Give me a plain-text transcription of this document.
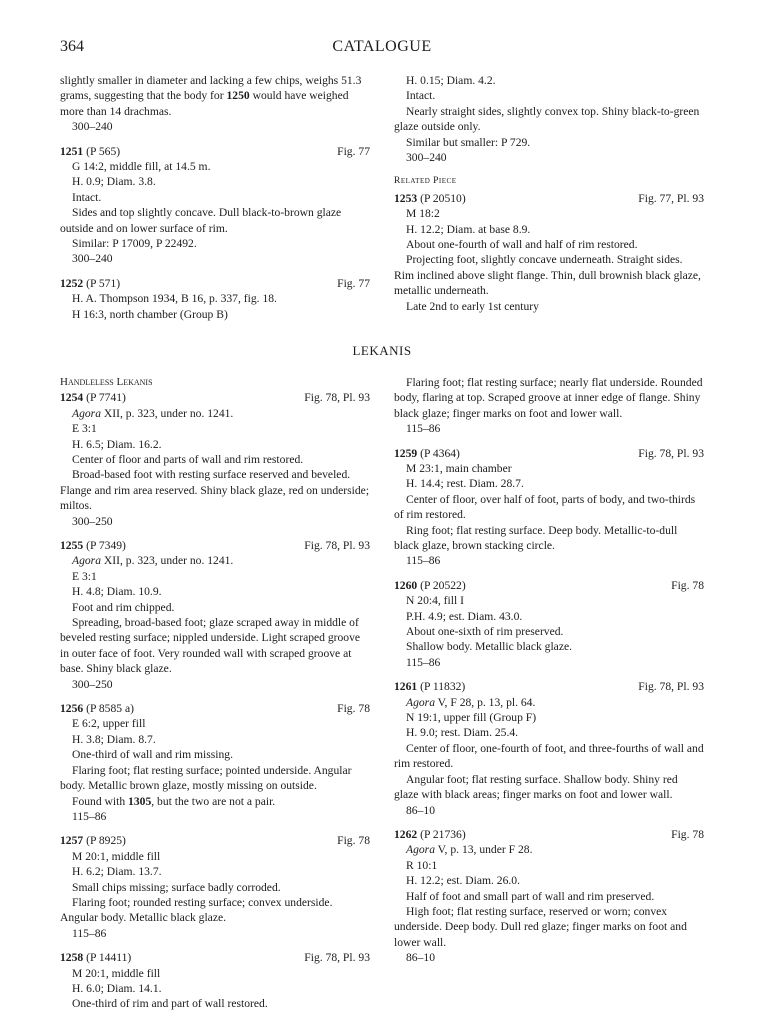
364	CATALOGUE
slightly smaller in diameter and lacking a few chips, weighs 51.3 grams, suggesting that the body for 1250 would have weighed more than 14 drachmas.
300–240
1251 (P 565)	Fig. 77
G 14:2, middle fill, at 14.5 m.
H. 0.9; Diam. 3.8.
Intact.
Sides and top slightly concave. Dull black-to-brown glaze outside and on lower surface of rim.
Similar: P 17009, P 22492.
300–240
1252 (P 571)	Fig. 77
H. A. Thompson 1934, B 16, p. 337, fig. 18.
H 16:3, north chamber (Group B)
H. 0.15; Diam. 4.2.
Intact.
Nearly straight sides, slightly convex top. Shiny black-to-green glaze outside only.
Similar but smaller: P 729.
300–240
Related Piece
1253 (P 20510)	Fig. 77, Pl. 93
M 18:2
H. 12.2; Diam. at base 8.9.
About one-fourth of wall and half of rim restored.
Projecting foot, slightly concave underneath. Straight sides. Rim inclined above slight flange. Thin, dull brownish black glaze, metallic underneath.
Late 2nd to early 1st century
LEKANIS
Handleless Lekanis
1254 (P 7741)	Fig. 78, Pl. 93
Agora XII, p. 323, under no. 1241.
E 3:1
H. 6.5; Diam. 16.2.
Center of floor and parts of wall and rim restored.
Broad-based foot with resting surface reserved and beveled. Flange and rim area reserved. Shiny black glaze, red on underside; miltos.
300–250
1255 (P 7349)	Fig. 78, Pl. 93
Agora XII, p. 323, under no. 1241.
E 3:1
H. 4.8; Diam. 10.9.
Foot and rim chipped.
Spreading, broad-based foot; glaze scraped away in middle of beveled resting surface; nippled underside. Light scraped groove in outer face of foot. Very rounded wall with scraped groove at base. Shiny black glaze.
300–250
1256 (P 8585 a)	Fig. 78
E 6:2, upper fill
H. 3.8; Diam. 8.7.
One-third of wall and rim missing.
Flaring foot; flat resting surface; pointed underside. Angular body. Metallic brown glaze, mostly missing on outside.
Found with 1305, but the two are not a pair.
115–86
1257 (P 8925)	Fig. 78
M 20:1, middle fill
H. 6.2; Diam. 13.7.
Small chips missing; surface badly corroded.
Flaring foot; rounded resting surface; convex underside. Angular body. Metallic black glaze.
115–86
1258 (P 14411)	Fig. 78, Pl. 93
M 20:1, middle fill
H. 6.0; Diam. 14.1.
One-third of rim and part of wall restored.
Flaring foot; flat resting surface; nearly flat underside. Rounded body, flaring at top. Scraped groove at inner edge of flange. Shiny black glaze; finger marks on foot and lower wall.
115–86
1259 (P 4364)	Fig. 78, Pl. 93
M 23:1, main chamber
H. 14.4; rest. Diam. 28.7.
Center of floor, over half of foot, parts of body, and two-thirds of rim restored.
Ring foot; flat resting surface. Deep body. Metallic-to-dull black glaze, brown stacking circle.
115–86
1260 (P 20522)	Fig. 78
N 20:4, fill I
P.H. 4.9; est. Diam. 43.0.
About one-sixth of rim preserved.
Shallow body. Metallic black glaze.
115–86
1261 (P 11832)	Fig. 78, Pl. 93
Agora V, F 28, p. 13, pl. 64.
N 19:1, upper fill (Group F)
H. 9.0; rest. Diam. 25.4.
Center of floor, one-fourth of foot, and three-fourths of wall and rim restored.
Angular foot; flat resting surface. Shallow body. Shiny red glaze with black areas; finger marks on foot and lower wall.
86–10
1262 (P 21736)	Fig. 78
Agora V, p. 13, under F 28.
R 10:1
H. 12.2; est. Diam. 26.0.
Half of foot and small part of wall and rim preserved.
High foot; flat resting surface, reserved or worn; convex underside. Deep body. Dull red glaze; finger marks on foot and lower wall.
86–10
